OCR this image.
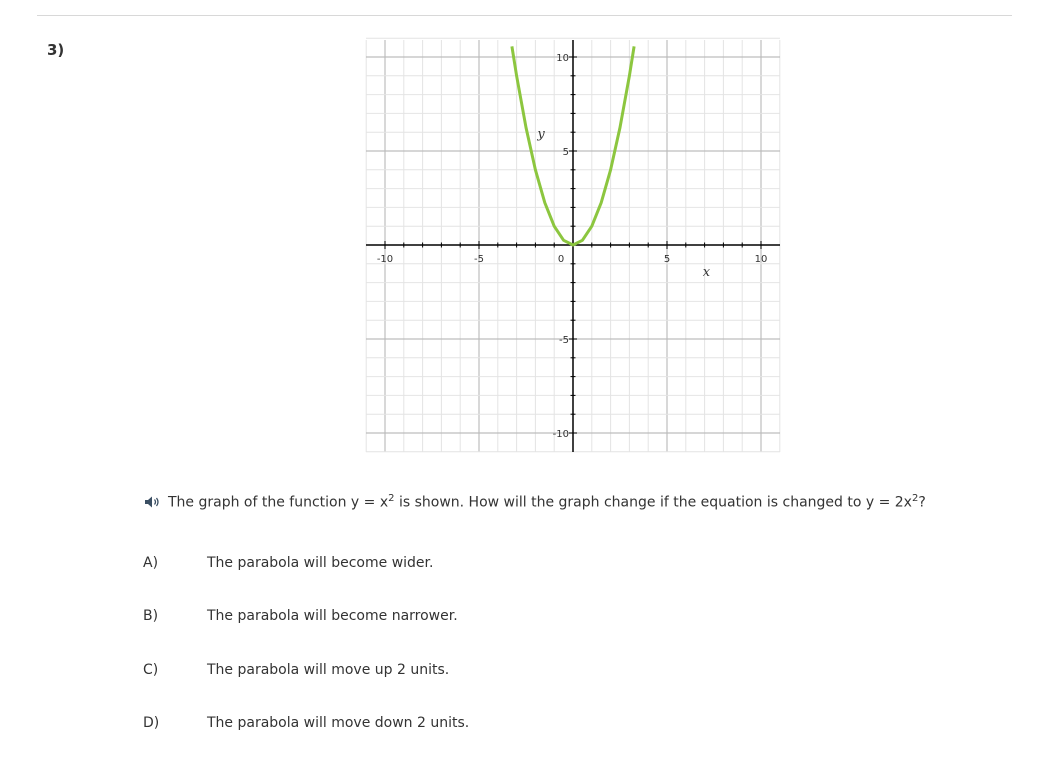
3)
-10	-5	0	5	10
10
5
-5
-10
x
y
The graph of the function $y = x^2$ is shown. How will the graph change if the equation is changed to $y = 2x^2$?
A)	The parabola will become wider.
B)	The parabola will become narrower.
C)	The parabola will move up 2 units.
D)	The parabola will move down 2 units.
